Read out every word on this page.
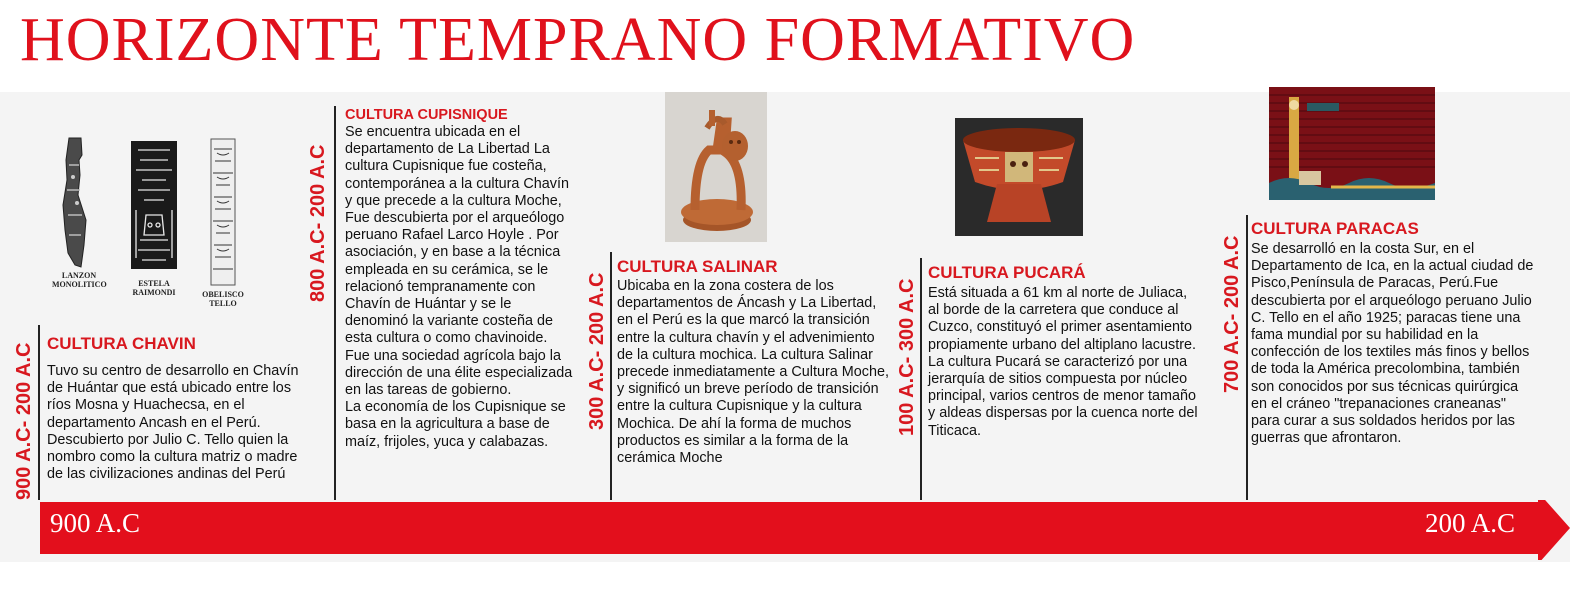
HORIZONTE TEMPRANO FORMATIVO
900 A.C- 200 A.C CULTURA CHAVIN
Tuvo su centro de desarrollo en Chavín de Huántar que está ubicado entre los ríos Mosna y Huachecsa, en el departamento Ancash en el Perú. Descubierto por Julio C. Tello quien la nombro como la cultura matriz o madre de las civilizaciones andinas del Perú
LANZON MONOLITICO	ESTELA RAIMONDI	OBELISCO TELLO
800 A.C- 200 A.C
CULTURA CUPISNIQUE
Se encuentra ubicada en el departamento de La Libertad La cultura Cupisnique fue costeña, contemporánea a la cultura Chavín y que precede a la cultura Moche, Fue descubierta por el arqueólogo peruano Rafael Larco Hoyle . Por asociación, y en base a la técnica empleada en su cerámica, se le relacionó tempranamente con Chavín de Huántar y se le denominó la variante costeña de esta cultura o como chavinoide.
Fue una sociedad agrícola bajo la dirección de una élite especializada en las tareas de gobierno.
La economía de los Cupisnique se basa en la agricultura a base de maíz, frijoles, yuca y calabazas.
300 A.C- 200 A.C
CULTURA SALINAR
Ubicaba en la zona costera de los departamentos de Áncash y La Libertad, en el Perú es la que marcó la transición entre la cultura chavín y el advenimiento de la cultura mochica. La cultura Salinar precede inmediatamente a Cultura Moche, y significó un breve período de transición entre la cultura Cupisnique y la cultura Mochica. De ahí la forma de muchos productos es similar a la forma de la cerámica Moche
100 A.C- 300 A.C
CULTURA PUCARÁ
Está situada a 61 km al norte de Juliaca, al borde de la carretera que conduce al Cuzco, constituyó el primer asentamiento propiamente urbano del altiplano lacustre.
La cultura Pucará se caracterizó por una jerarquía de sitios compuesta por núcleo principal, varios centros de menor tamaño y aldeas dispersas por la cuenca norte del Titicaca.
700 A.C- 200 A.C
CULTURA PARACAS
Se desarrolló en la costa Sur, en el Departamento de Ica, en la actual ciudad de Pisco,Península de Paracas, Perú.Fue descubierta por el arqueólogo peruano Julio C. Tello en el año 1925; paracas tiene una fama mundial por su habilidad en la confección de los textiles más finos y bellos de toda la América precolombina, también son conocidos por sus técnicas quirúrgica en el cráneo "trepanaciones craneanas" para curar a sus soldados heridos por las guerras que afrontaron.
900 A.C	200 A.C
